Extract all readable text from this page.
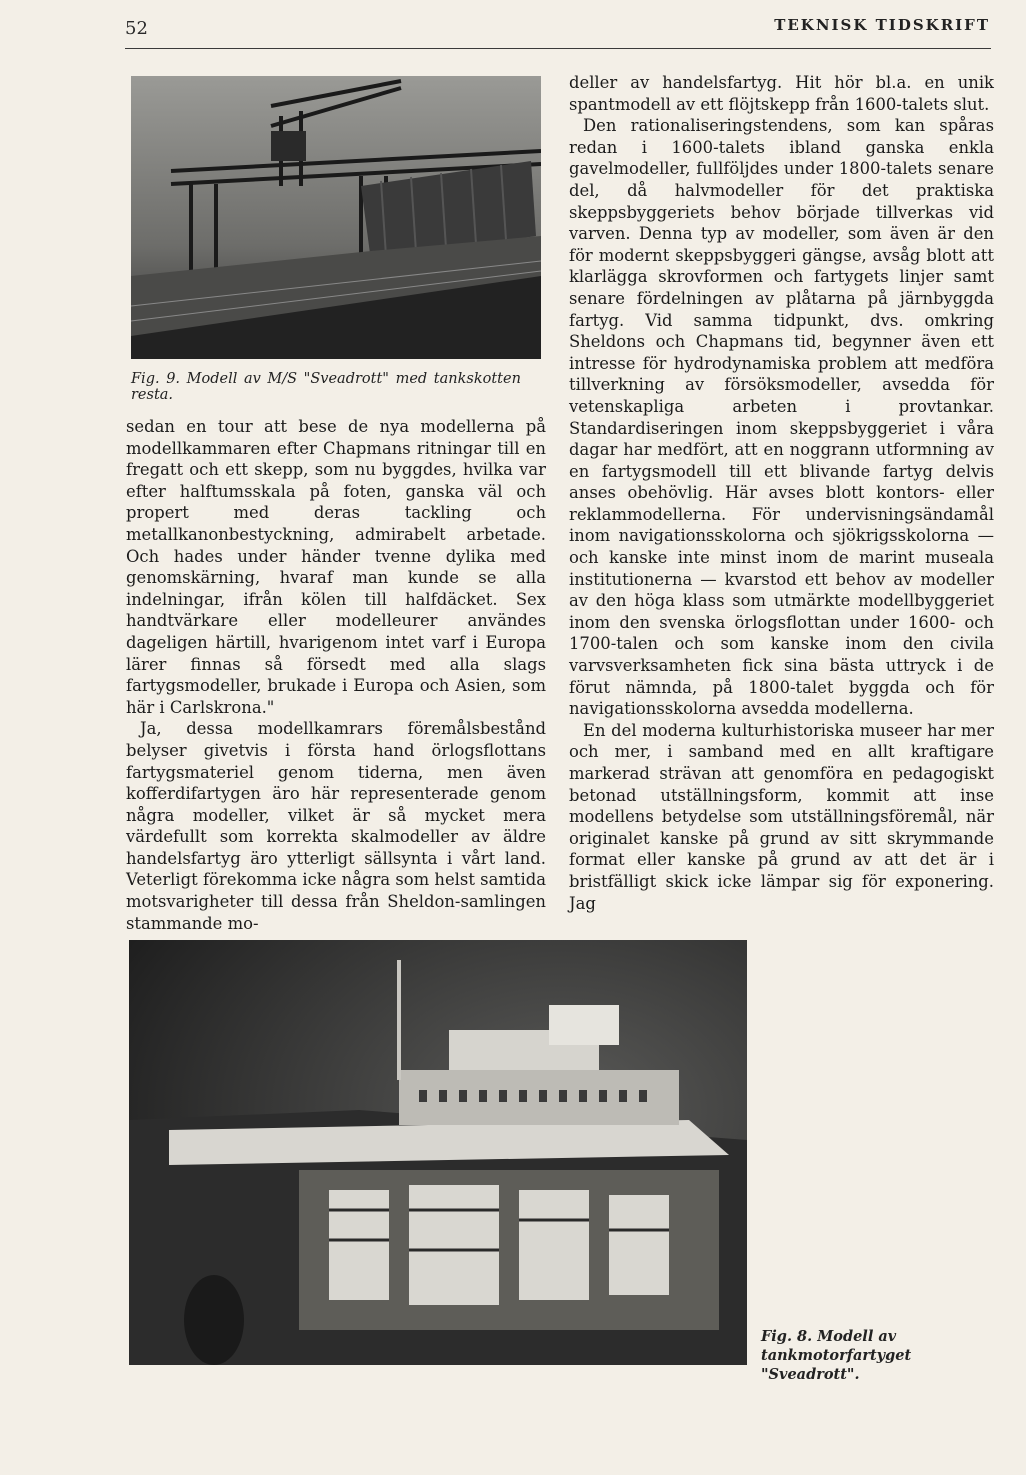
52	TEKNISK TIDSKRIFT
Fig. 9. Modell av M/S "Sveadrott" med tankskotten resta.

sedan en tour att bese de nya modellerna på modellkammaren efter Chapmans ritningar till en fregatt och ett skepp, som nu byggdes, hvilka var efter halftumsskala på foten, ganska väl och propert med deras tackling och metallkanonbestyckning, admirabelt arbetade. Och hades under händer tvenne dylika med genomskärning, hvaraf man kunde se alla indelningar, ifrån kölen till halfdäcket. Sex handtvärkare eller modelleurer användes dageligen härtill, hvarigenom intet varf i Europa lärer finnas så försedt med alla slags fartygsmodeller, brukade i Europa och Asien, som här i Carlskrona."

Ja, dessa modellkamrars föremålsbestånd belyser givetvis i första hand örlogsflottans fartygsmateriel genom tiderna, men även kofferdifartygen äro här representerade genom några modeller, vilket är så mycket mera värdefullt som korrekta skalmodeller av äldre handelsfartyg äro ytterligt sällsynta i vårt land. Veterligt förekomma icke några som helst samtida motsvarigheter till dessa från Sheldon-samlingen stammande mo-

deller av handelsfartyg. Hit hör bl.a. en unik spantmodell av ett flöjtskepp från 1600-talets slut.

Den rationaliseringstendens, som kan spåras redan i 1600-talets ibland ganska enkla gavelmodeller, fullföljdes under 1800-talets senare del, då halvmodeller för det praktiska skeppsbyggeriets behov började tillverkas vid varven. Denna typ av modeller, som även är den för modernt skeppsbyggeri gängse, avsåg blott att klarlägga skrovformen och fartygets linjer samt senare fördelningen av plåtarna på järnbyggda fartyg. Vid samma tidpunkt, dvs. omkring Sheldons och Chapmans tid, begynner även ett intresse för hydrodynamiska problem att medföra tillverkning av försöksmodeller, avsedda för vetenskapliga arbeten i provtankar. Standardiseringen inom skeppsbyggeriet i våra dagar har medfört, att en noggrann utformning av en fartygsmodell till ett blivande fartyg delvis anses obehövlig. Här avses blott kontors- eller reklammodellerna. För undervisningsändamål inom navigationsskolorna och sjökrigsskolorna — och kanske inte minst inom de marint museala institutionerna — kvarstod ett behov av modeller av den höga klass som utmärkte modellbyggeriet inom den svenska örlogsflottan under 1600- och 1700-talen och som kanske inom den civila varvsverksamheten fick sina bästa uttryck i de förut nämnda, på 1800-talet byggda och för navigationsskolorna avsedda modellerna.

En del moderna kulturhistoriska museer har mer och mer, i samband med en allt kraftigare markerad strävan att genomföra en pedagogiskt betonad utställningsform, kommit att inse modellens betydelse som utställningsföremål, när originalet kanske på grund av sitt skrymmande format eller kanske på grund av att det är i bristfälligt skick icke lämpar sig för exponering. Jag

Fig. 8. Modell av tankmotorfartyget "Sveadrott".
